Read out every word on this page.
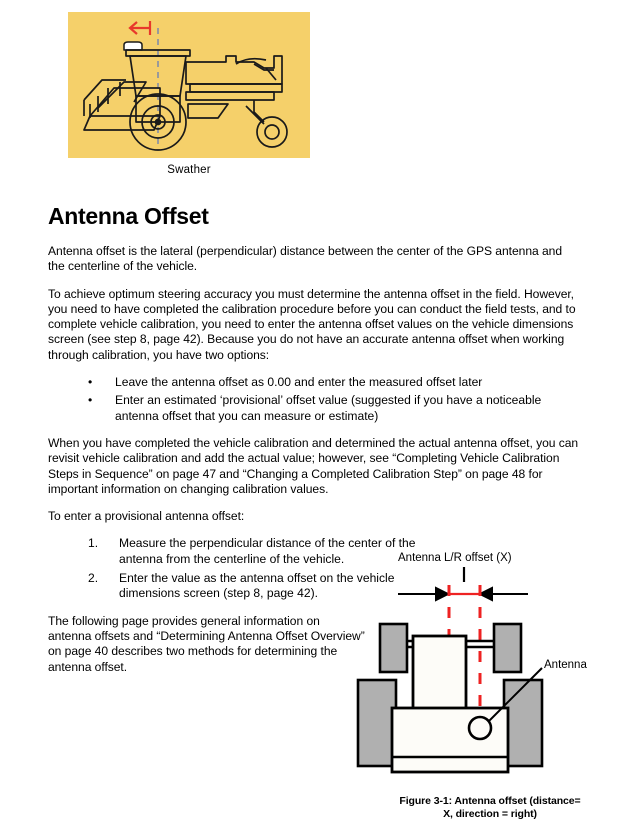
Swather
Antenna Offset

Antenna offset is the lateral (perpendicular) distance between the center of the GPS antenna and the centerline of the vehicle.

To achieve optimum steering accuracy you must determine the antenna offset in the field. However, you need to have completed the calibration procedure before you can conduct the field tests, and to complete vehicle calibration, you need to enter the antenna offset values on the vehicle dimensions screen (see step 8, page 42). Because you do not have an accurate antenna offset when working through calibration, you have two options:

• Leave the antenna offset as 0.00 and enter the measured offset later
• Enter an estimated ‘provisional’ offset value (suggested if you have a noticeable antenna offset that you can measure or estimate)

When you have completed the vehicle calibration and determined the actual antenna offset, you can revisit vehicle calibration and add the actual value; however, see “Completing Vehicle Calibration Steps in Sequence” on page 47 and “Changing a Completed Calibration Step” on page 48 for important information on changing calibration values.

To enter a provisional antenna offset:

1. Measure the perpendicular distance of the center of the antenna from the centerline of the vehicle.
2. Enter the value as the antenna offset on the vehicle dimensions screen (step 8, page 42).

The following page provides general information on antenna offsets and “Determining Antenna Offset Overview” on page 40 describes two methods for determining the antenna offset.

Antenna L/R offset (X)
Antenna
Figure 3-1: Antenna offset (distance=
X, direction = right)
